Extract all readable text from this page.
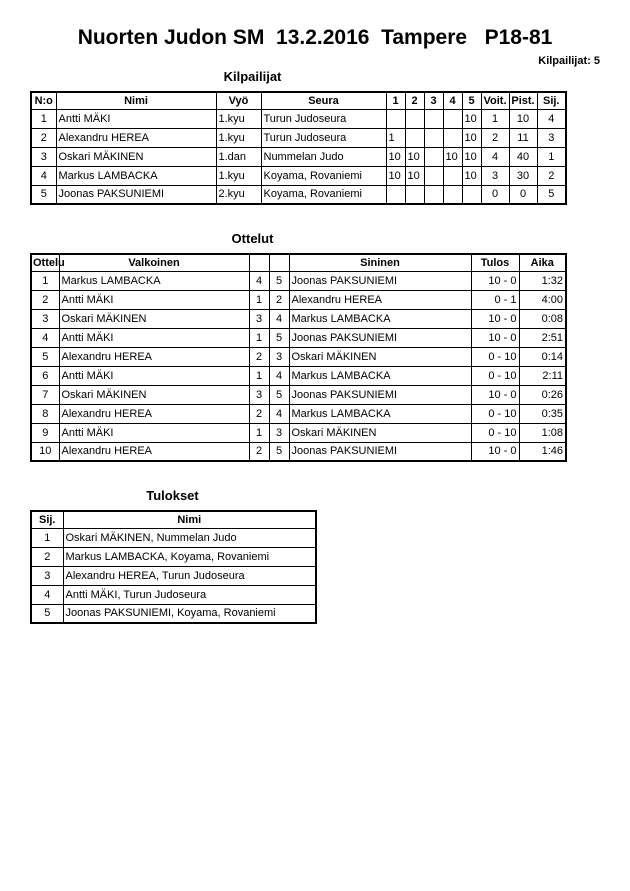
Nuorten Judon SM  13.2.2016  Tampere   P18-81
Kilpailijat: 5
Kilpailijat
N:o	Nimi	Vyö	Seura	1	2	3	4	5	Voit.	Pist.	Sij.
1	Antti MÄKI	1.kyu	Turun Judoseura					10	1	10	4
2	Alexandru HEREA	1.kyu	Turun Judoseura	1				10	2	11	3
3	Oskari MÄKINEN	1.dan	Nummelan Judo	10	10		10	10	4	40	1
4	Markus LAMBACKA	1.kyu	Koyama, Rovaniemi	10	10			10	3	30	2
5	Joonas PAKSUNIEMI	2.kyu	Koyama, Rovaniemi						0	0	5
Ottelut
Ottelu	Valkoinen			Sininen	Tulos	Aika
1	Markus LAMBACKA	4	5	Joonas PAKSUNIEMI	10 - 0	1:32
2	Antti MÄKI	1	2	Alexandru HEREA	0 - 1	4:00
3	Oskari MÄKINEN	3	4	Markus LAMBACKA	10 - 0	0:08
4	Antti MÄKI	1	5	Joonas PAKSUNIEMI	10 - 0	2:51
5	Alexandru HEREA	2	3	Oskari MÄKINEN	0 - 10	0:14
6	Antti MÄKI	1	4	Markus LAMBACKA	0 - 10	2:11
7	Oskari MÄKINEN	3	5	Joonas PAKSUNIEMI	10 - 0	0:26
8	Alexandru HEREA	2	4	Markus LAMBACKA	0 - 10	0:35
9	Antti MÄKI	1	3	Oskari MÄKINEN	0 - 10	1:08
10	Alexandru HEREA	2	5	Joonas PAKSUNIEMI	10 - 0	1:46
Tulokset
Sij.	Nimi
1	Oskari MÄKINEN, Nummelan Judo
2	Markus LAMBACKA, Koyama, Rovaniemi
3	Alexandru HEREA, Turun Judoseura
4	Antti MÄKI, Turun Judoseura
5	Joonas PAKSUNIEMI, Koyama, Rovaniemi
